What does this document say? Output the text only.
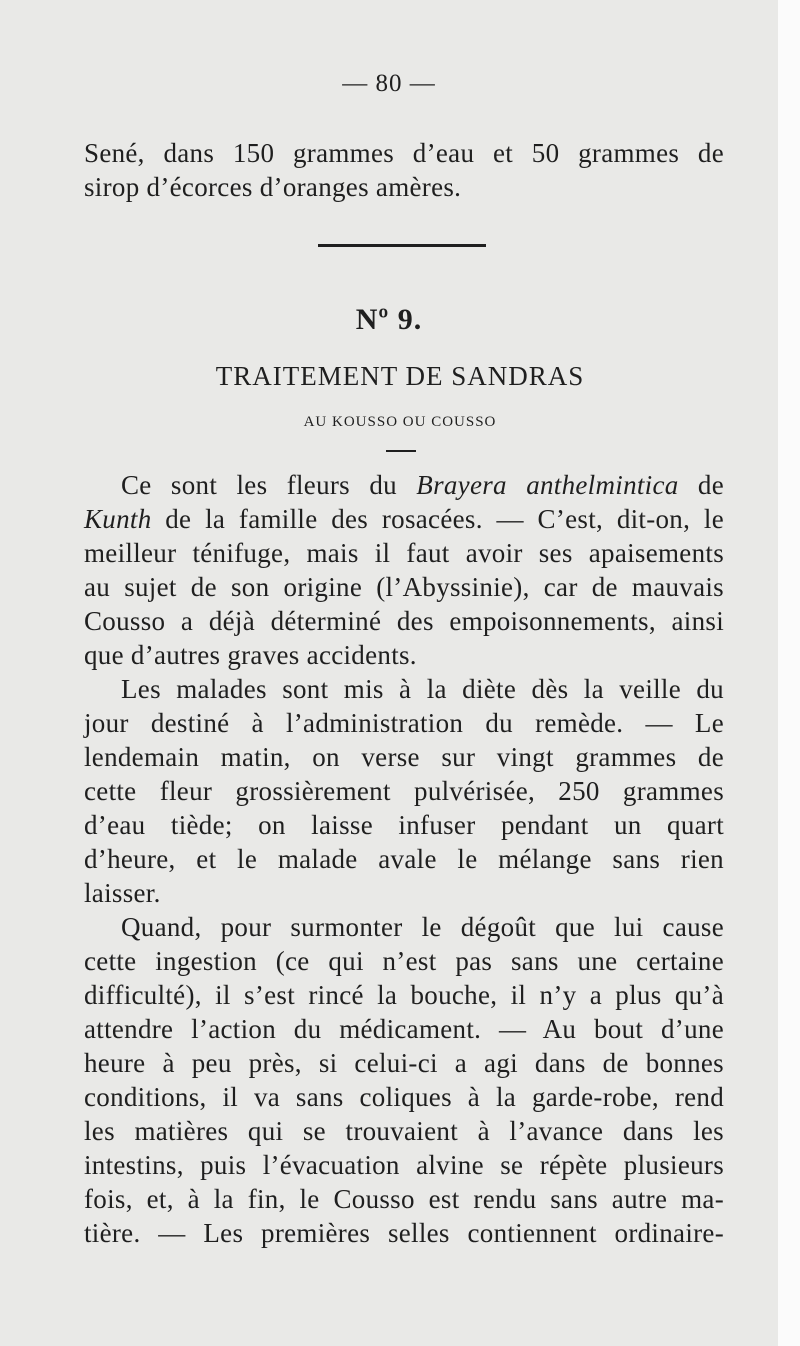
— 80 —
Sené, dans 150 grammes d’eau et 50 grammes de
sirop d’écorces d’oranges amères.
Nº 9.
TRAITEMENT DE SANDRAS
AU KOUSSO OU COUSSO
Ce sont les fleurs du Brayera anthelmintica de
Kunth de la famille des rosacées. — C’est, dit-on, le
meilleur ténifuge, mais il faut avoir ses apaisements
au sujet de son origine (l’Abyssinie), car de mauvais
Cousso a déjà déterminé des empoisonnements, ainsi
que d’autres graves accidents.
Les malades sont mis à la diète dès la veille du
jour destiné à l’administration du remède. — Le
lendemain matin, on verse sur vingt grammes de
cette fleur grossièrement pulvérisée, 250 grammes
d’eau tiède; on laisse infuser pendant un quart
d’heure, et le malade avale le mélange sans rien
laisser.
Quand, pour surmonter le dégoût que lui cause
cette ingestion (ce qui n’est pas sans une certaine
difficulté), il s’est rincé la bouche, il n’y a plus qu’à
attendre l’action du médicament. — Au bout d’une
heure à peu près, si celui-ci a agi dans de bonnes
conditions, il va sans coliques à la garde-robe, rend
les matières qui se trouvaient à l’avance dans les
intestins, puis l’évacuation alvine se répète plusieurs
fois, et, à la fin, le Cousso est rendu sans autre ma-
tière. — Les premières selles contiennent ordinaire-
